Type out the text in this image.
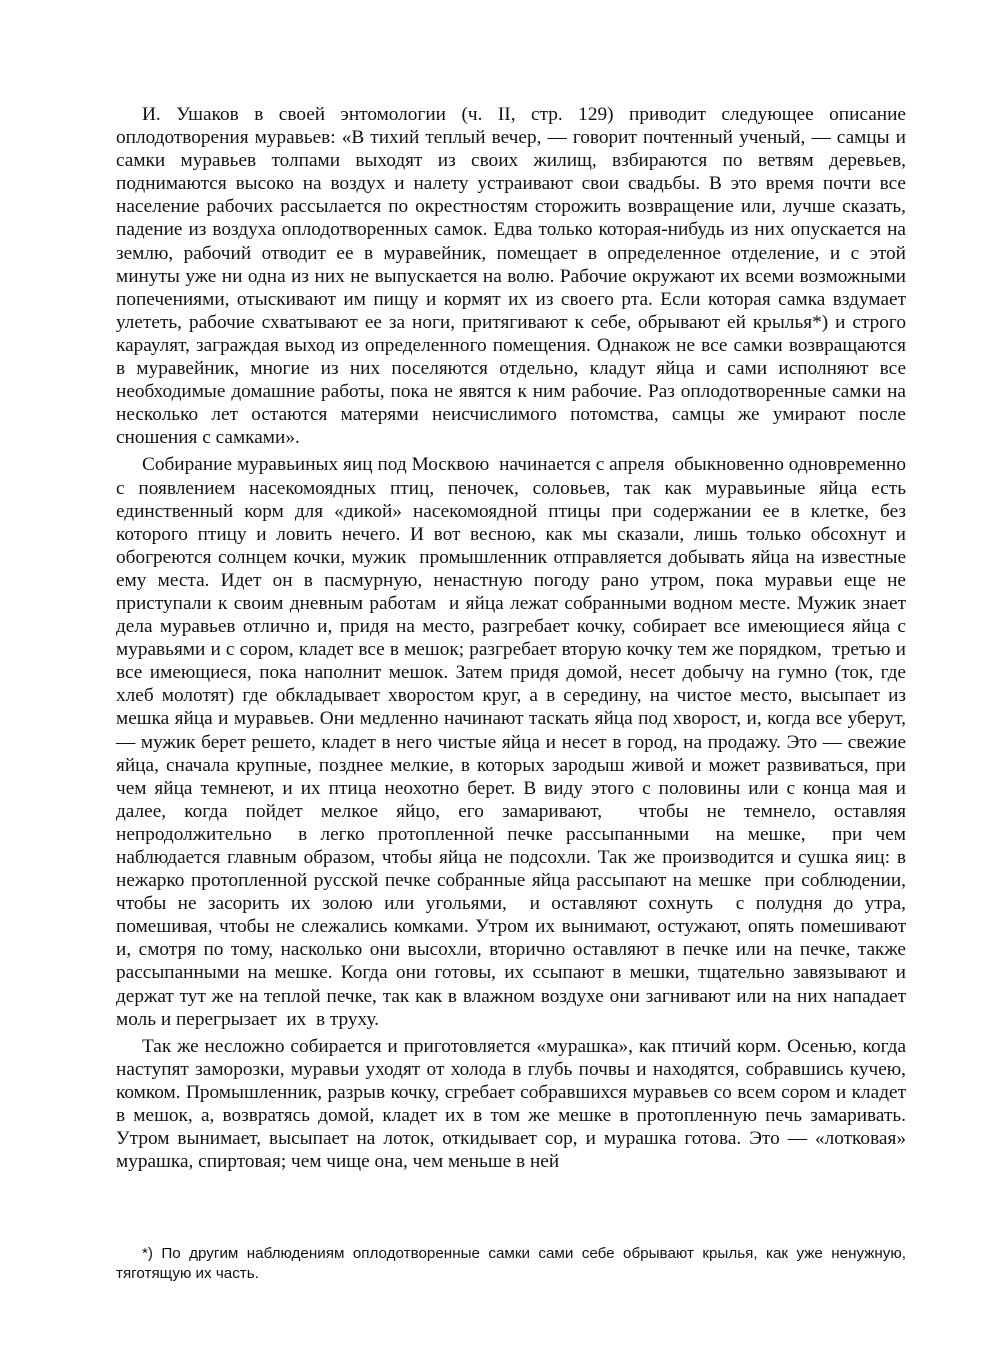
И. Ушаков в своей энтомологии (ч. II, стр. 129) приводит следующее описание оплодотворения муравьев: «В тихий теплый вечер, — говорит почтенный ученый, — самцы и самки муравьев толпами выходят из своих жилищ, взбираются по ветвям деревьев, поднимаются высоко на воздух и налету устраивают свои свадьбы. В это время почти все население рабочих рассылается по окрестностям сторожить возвращение или, лучше сказать, падение из воздуха оплодотворенных самок. Едва только которая-нибудь из них опускается на землю, рабочий отводит ее в муравейник, помещает в определенное отделение, и с этой минуты уже ни одна из них не выпускается на волю. Рабочие окружают их всеми возможными попечениями, отыскивают им пищу и кормят их из своего рта. Если которая самка вздумает улететь, рабочие схватывают ее за ноги, притягивают к себе, обрывают ей крылья*) и строго караулят, заграждая выход из определенного помещения. Однакож не все самки возвращаются в муравейник, многие из них поселяются отдельно, кладут яйца и сами исполняют все необходимые домашние работы, пока не явятся к ним рабочие. Раз оплодотворенные самки на несколько лет остаются матерями неисчислимого потомства, самцы же умирают после сношения с самками».

Собирание муравьиных яиц под Москвою  начинается с апреля  обыкновенно одновременно с появлением насекомоядных птиц, пеночек, соловьев, так как муравьиные яйца есть единственный корм для «дикой» насекомоядной птицы при содержании ее в клетке, без которого птицу и ловить нечего. И вот весною, как мы сказали, лишь только обсохнут и обогреются солнцем кочки, мужик  промышленник отправляется добывать яйца на известные ему места. Идет он в пасмурную, ненастную погоду рано утром, пока муравьи еще не приступали к своим дневным работам  и яйца лежат собранными водном месте. Мужик знает дела муравьев отлично и, придя на место, разгребает кочку, собирает все имеющиеся яйца с муравьями и с сором, кладет все в мешок; разгребает вторую кочку тем же порядком,  третью и все имеющиеся, пока наполнит мешок. Затем придя домой, несет добычу на гумно (ток, где хлеб молотят) где обкладывает хворостом круг, а в середину, на чистое место, высыпает из мешка яйца и муравьев. Они медленно начинают таскать яйца под хворост, и, когда все уберут, — мужик берет решето, кладет в него чистые яйца и несет в город, на продажу. Это — свежие яйца, сначала крупные, позднее мелкие, в которых зародыш живой и может развиваться, при чем яйца темнеют, и их птица неохотно берет. В виду этого с половины или с конца мая и далее, когда пойдет мелкое яйцо, его замаривают,  чтобы не темнело, оставляя непродолжительно  в легко протопленной печке рассыпанными  на мешке,  при чем наблюдается главным образом, чтобы яйца не подсохли. Так же производится и сушка яиц: в нежарко протопленной русской печке собранные яйца рассыпают на мешке  при соблюдении, чтобы не засорить их золою или угольями,  и оставляют сохнуть  с полудня до утра, помешивая, чтобы не слежались комками. Утром их вынимают, остужают, опять помешивают и, смотря по тому, насколько они высохли, вторично оставляют в печке или на печке, также рассыпанными на мешке. Когда они готовы, их ссыпают в мешки, тщательно завязывают и держат тут же на теплой печке, так как в влажном воздухе они загнивают или на них нападает моль и перегрызает  их  в труху.

Так же несложно собирается и приготовляется «мурашка», как птичий корм. Осенью, когда наступят заморозки, муравьи уходят от холода в глубь почвы и находятся, собравшись кучею, комком. Промышленник, разрыв кочку, сгребает собравшихся муравьев со всем сором и кладет в мешок, а, возвратясь домой, кладет их в том же мешке в протопленную печь замаривать. Утром вынимает, высыпает на лоток, откидывает сор, и мурашка готова. Это — «лотковая» мурашка, спиртовая; чем чище она, чем меньше в ней

*) По другим наблюдениям оплодотворенные самки сами себе обрывают крылья, как уже ненужную, тяготящую их часть.
